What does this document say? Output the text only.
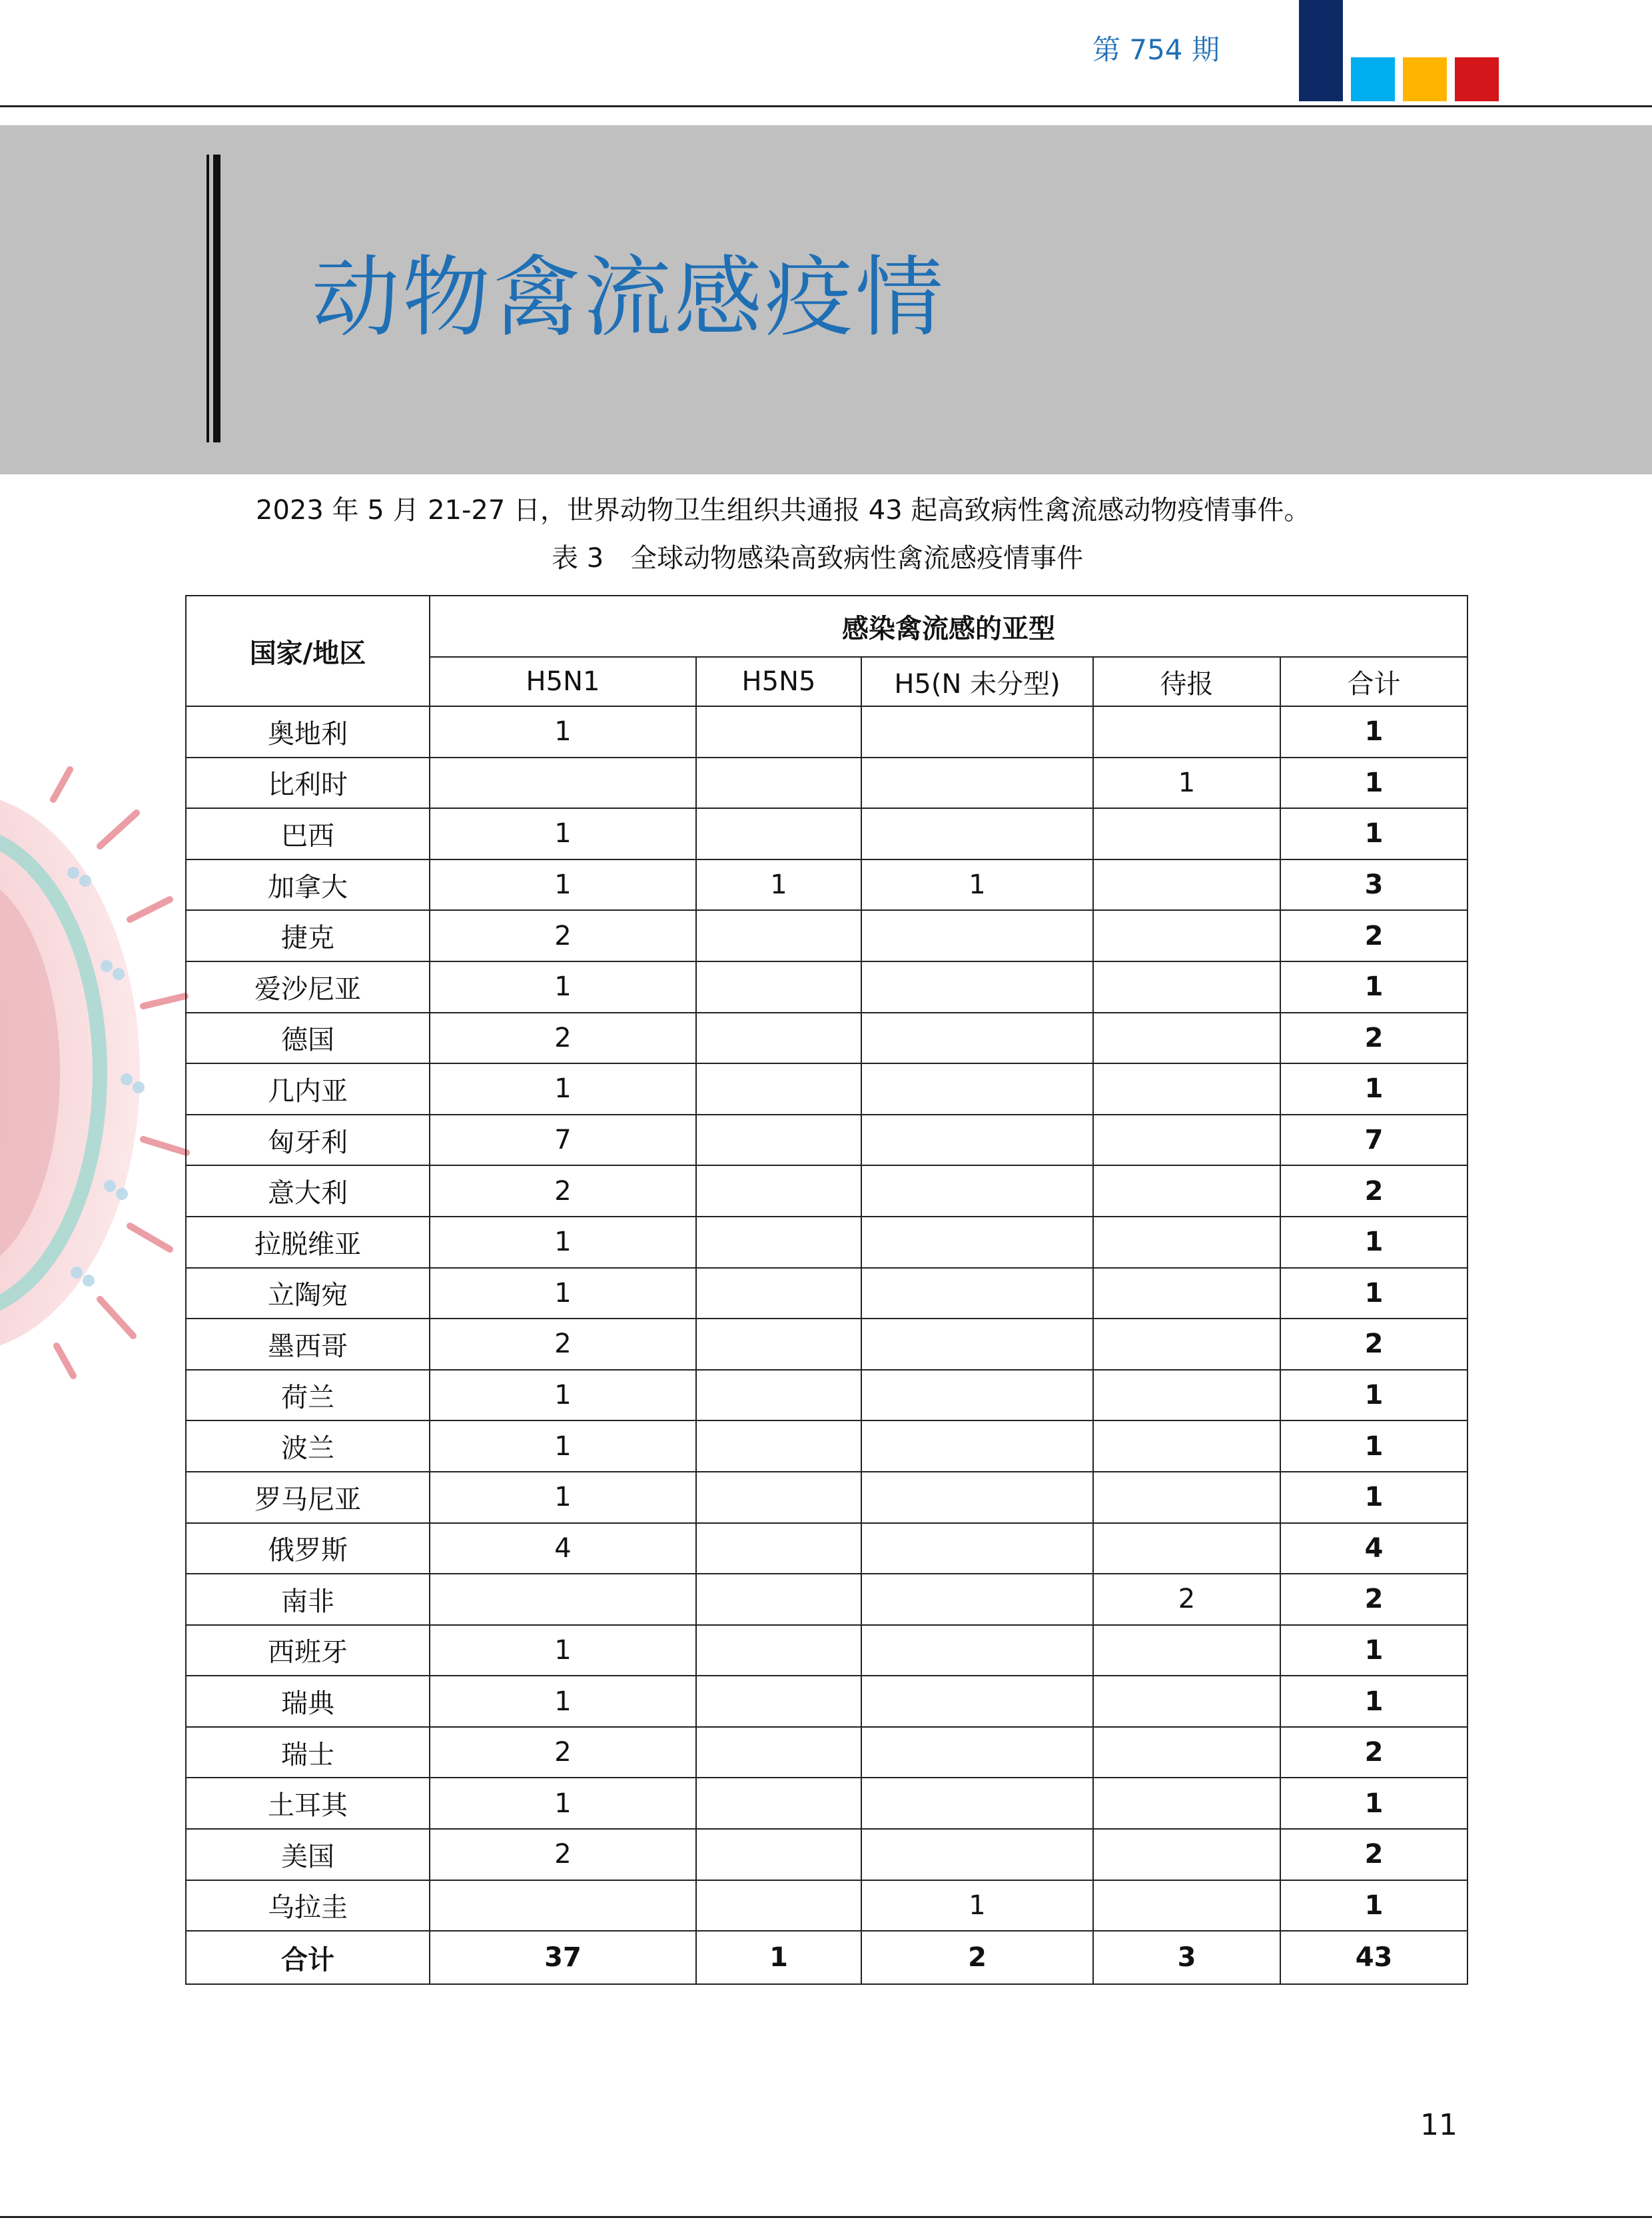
第 754 期
动物禽流感疫情
2023 年 5 月 21-27 日，世界动物卫生组织共通报 43 起高致病性禽流感动物疫情事件。
表 3　全球动物感染高致病性禽流感疫情事件
国家/地区	感染禽流感的亚型				
	H5N1	H5N5	H5(N 未分型)	待报	合计
奥地利	1				1
比利时				1	1
巴西	1				1
加拿大	1	1	1		3
捷克	2				2
爱沙尼亚	1				1
德国	2				2
几内亚	1				1
匈牙利	7				7
意大利	2				2
拉脱维亚	1				1
立陶宛	1				1
墨西哥	2				2
荷兰	1				1
波兰	1				1
罗马尼亚	1				1
俄罗斯	4				4
南非				2	2
西班牙	1				1
瑞典	1				1
瑞士	2				2
土耳其	1				1
美国	2				2
乌拉圭			1		1
合计	37	1	2	3	43
11
